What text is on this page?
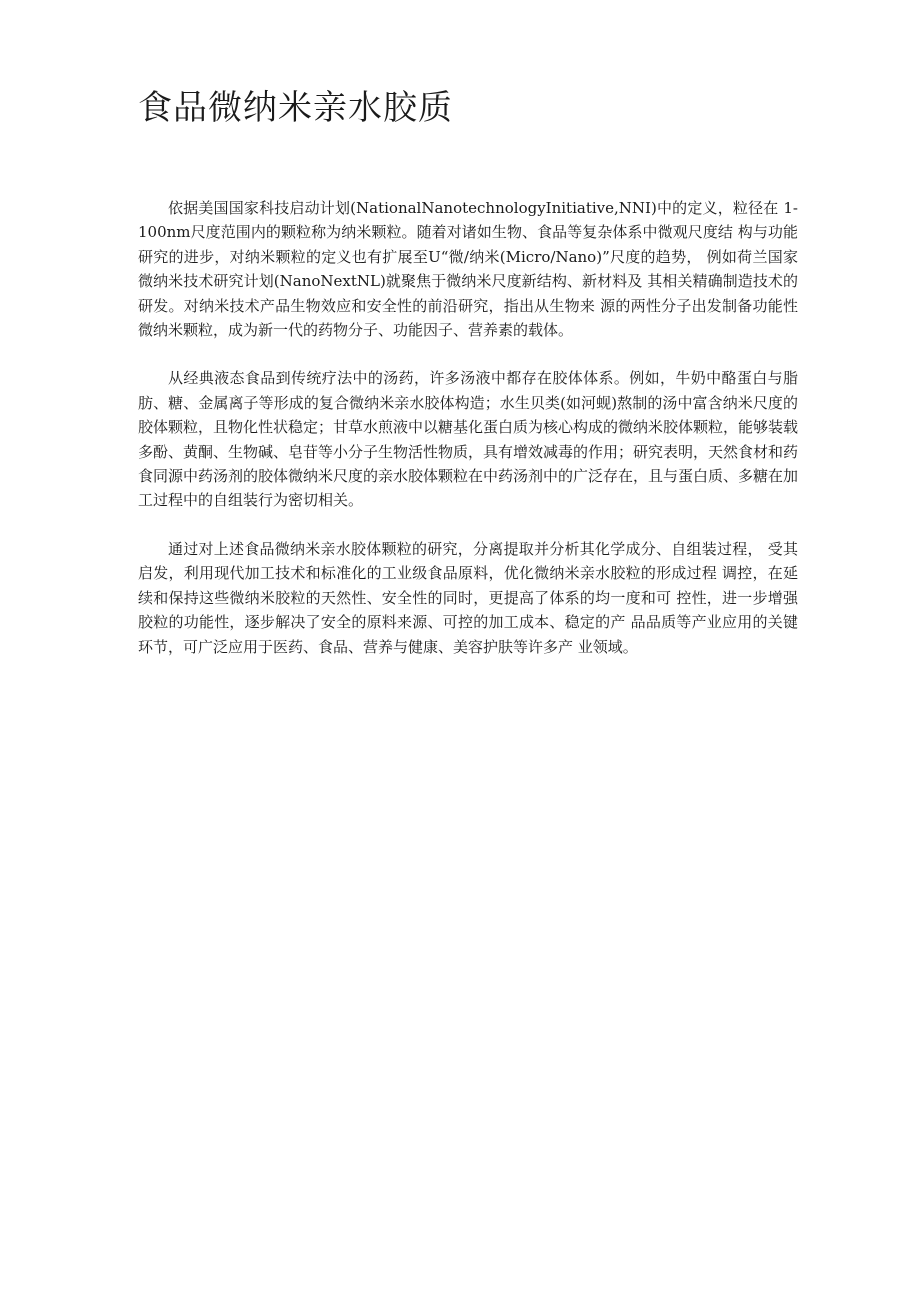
食品微纳米亲水胶质

依据美国国家科技启动计划(NationalNanotechnologyInitiative,NNI)中的定义，粒径在 1-100nm尺度范围内的颗粒称为纳米颗粒。随着对诸如生物、食品等复杂体系中微观尺度结 构与功能研究的进步，对纳米颗粒的定义也有扩展至U“微/纳米(Micro/Nano)”尺度的趋势， 例如荷兰国家微纳米技术研究计划(NanoNextNL)就聚焦于微纳米尺度新结构、新材料及 其相关精确制造技术的研发。对纳米技术产品生物效应和安全性的前沿研究，指出从生物来 源的两性分子出发制备功能性微纳米颗粒，成为新一代的药物分子、功能因子、营养素的载体。

从经典液态食品到传统疗法中的汤药，许多汤液中都存在胶体体系。例如，牛奶中酪蛋白与脂肪、糖、金属离子等形成的复合微纳米亲水胶体构造；水生贝类(如河蚬)熬制的汤中富含纳米尺度的胶体颗粒，且物化性状稳定；甘草水煎液中以糖基化蛋白质为核心构成的微纳米胶体颗粒，能够装载多酚、黄酮、生物碱、皂苷等小分子生物活性物质，具有增效减毒的作用；研究表明，天然食材和药食同源中药汤剂的胶体微纳米尺度的亲水胶体颗粒在中药汤剂中的广泛存在，且与蛋白质、多糖在加工过程中的自组装行为密切相关。

通过对上述食品微纳米亲水胶体颗粒的研究，分离提取并分析其化学成分、自组装过程， 受其启发，利用现代加工技术和标准化的工业级食品原料，优化微纳米亲水胶粒的形成过程 调控，在延续和保持这些微纳米胶粒的天然性、安全性的同时，更提高了体系的均一度和可 控性，进一步增强胶粒的功能性，逐步解决了安全的原料来源、可控的加工成本、稳定的产 品品质等产业应用的关键环节，可广泛应用于医药、食品、营养与健康、美容护肤等许多产 业领域。
